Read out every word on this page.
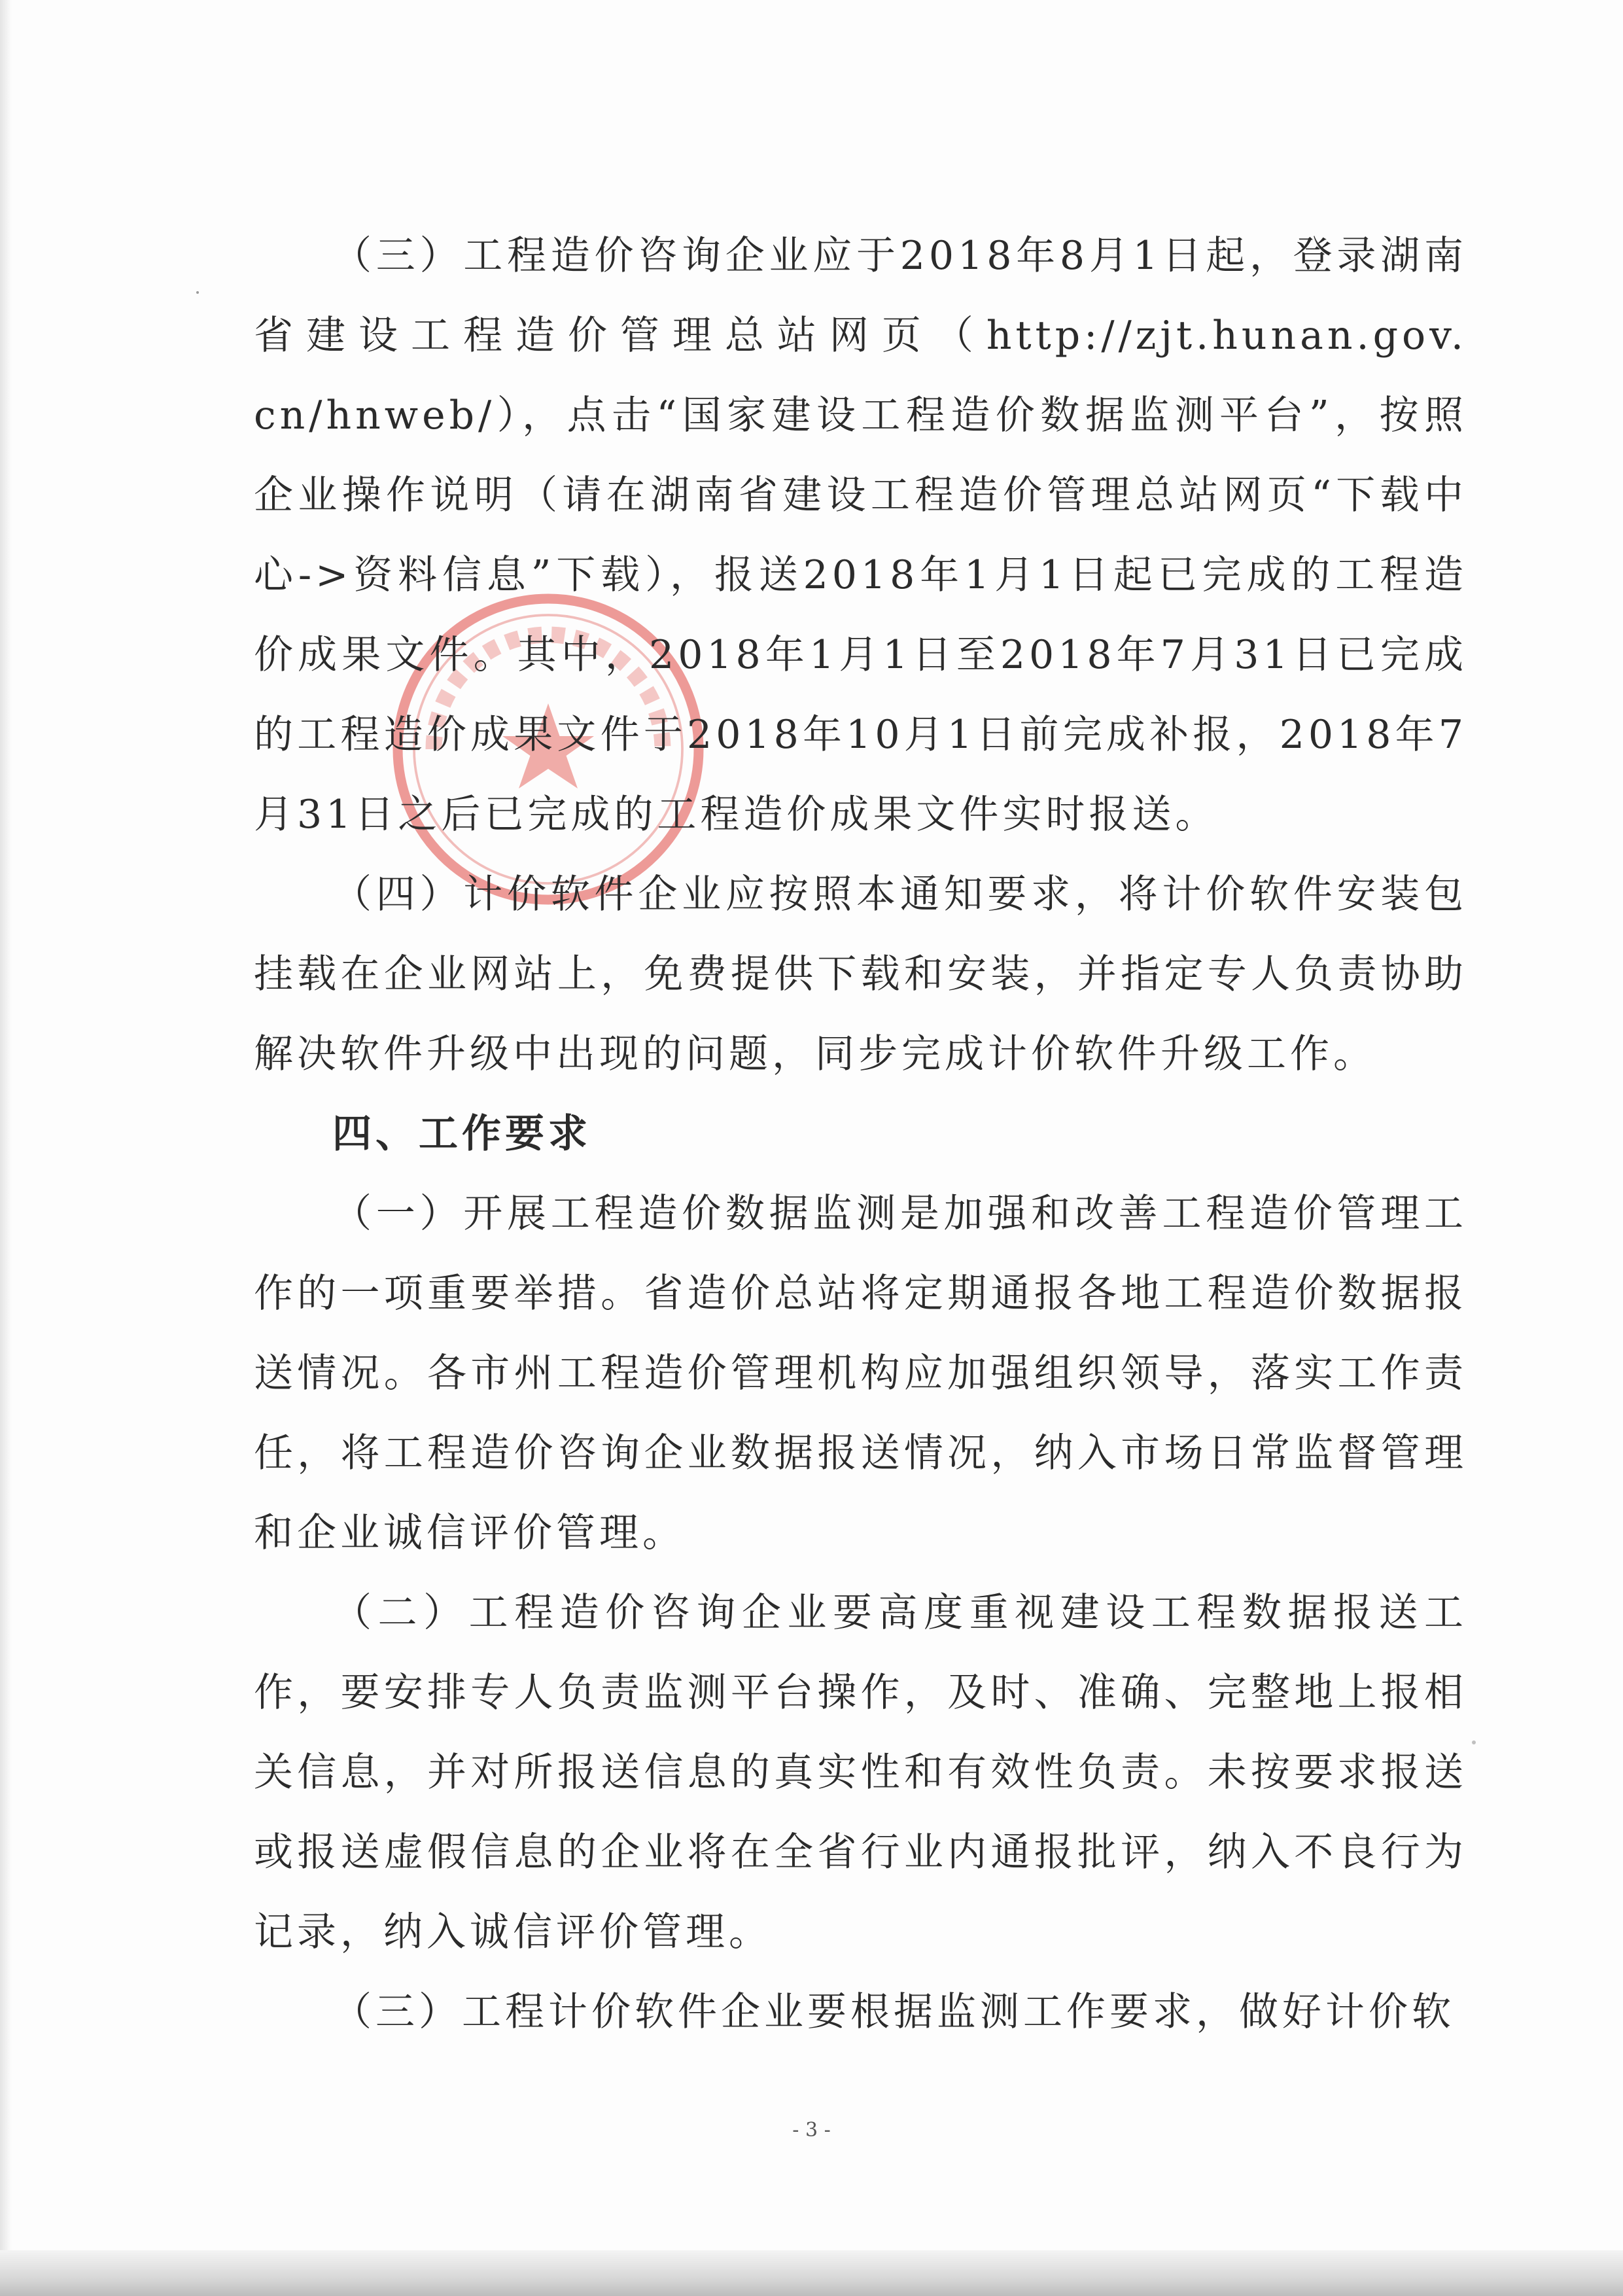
（三）工程造价咨询企业应于2018年8月1日起，登录湖南省建设工程造价管理总站网页（http://zjt.hunan.gov. cn/hnweb/），点击“国家建设工程造价数据监测平台”，按照企业操作说明（请在湖南省建设工程造价管理总站网页“下载中心->资料信息”下载），报送2018年1月1日起已完成的工程造价成果文件。其中，2018年1月1日至2018年7月31日已完成的工程造价成果文件于2018年10月1日前完成补报，2018年7月31日之后已完成的工程造价成果文件实时报送。

（四）计价软件企业应按照本通知要求，将计价软件安装包挂载在企业网站上，免费提供下载和安装，并指定专人负责协助解决软件升级中出现的问题，同步完成计价软件升级工作。

四、工作要求

（一）开展工程造价数据监测是加强和改善工程造价管理工作的一项重要举措。省造价总站将定期通报各地工程造价数据报送情况。各市州工程造价管理机构应加强组织领导，落实工作责任，将工程造价咨询企业数据报送情况，纳入市场日常监督管理和企业诚信评价管理。

（二）工程造价咨询企业要高度重视建设工程数据报送工作，要安排专人负责监测平台操作，及时、准确、完整地上报相关信息，并对所报送信息的真实性和有效性负责。未按要求报送或报送虚假信息的企业将在全省行业内通报批评，纳入不良行为记录，纳入诚信评价管理。

（三）工程计价软件企业要根据监测工作要求，做好计价软

- 3 -
